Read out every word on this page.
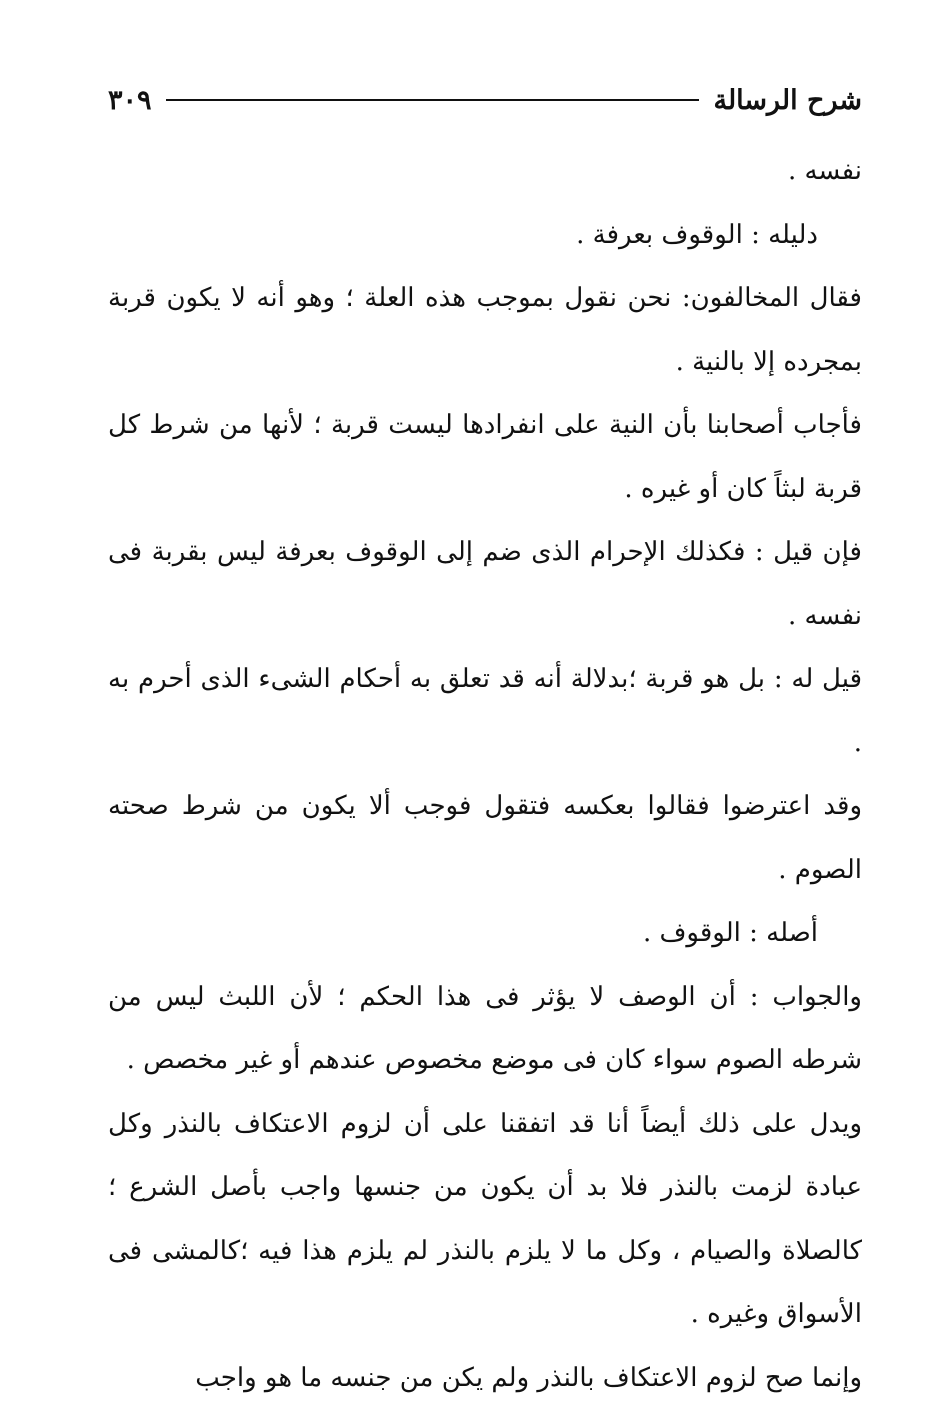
شرح الرسالة
٣٠٩

نفسه .

دليله : الوقوف بعرفة .

فقال المخالفون: نحن نقول بموجب هذه العلة ؛ وهو أنه لا يكون قربة بمجرده إلا بالنية .

فأجاب أصحابنا بأن النية على انفرادها ليست قربة ؛ لأنها من شرط كل قربة لبثاً كان أو غيره .

فإن قيل : فكذلك الإحرام الذى ضم إلى الوقوف بعرفة ليس بقربة فى نفسه .

قيل له : بل هو قربة ؛بدلالة أنه قد تعلق به أحكام الشىء الذى أحرم به .

وقد اعترضوا فقالوا بعكسه فتقول فوجب ألا يكون من شرط صحته الصوم .

أصله : الوقوف .

والجواب : أن الوصف لا يؤثر فى هذا الحكم ؛ لأن اللبث ليس من شرطه الصوم سواء كان فى موضع مخصوص عندهم أو غير مخصص .

ويدل على ذلك أيضاً أنا قد اتفقنا على أن لزوم الاعتكاف بالنذر وكل عبادة لزمت بالنذر فلا بد أن يكون من جنسها واجب بأصل الشرع ؛ كالصلاة والصيام ، وكل ما لا يلزم بالنذر لم يلزم هذا فيه ؛كالمشى فى الأسواق وغيره .

وإنما صح لزوم الاعتكاف بالنذر ولم يكن من جنسه ما هو واجب
